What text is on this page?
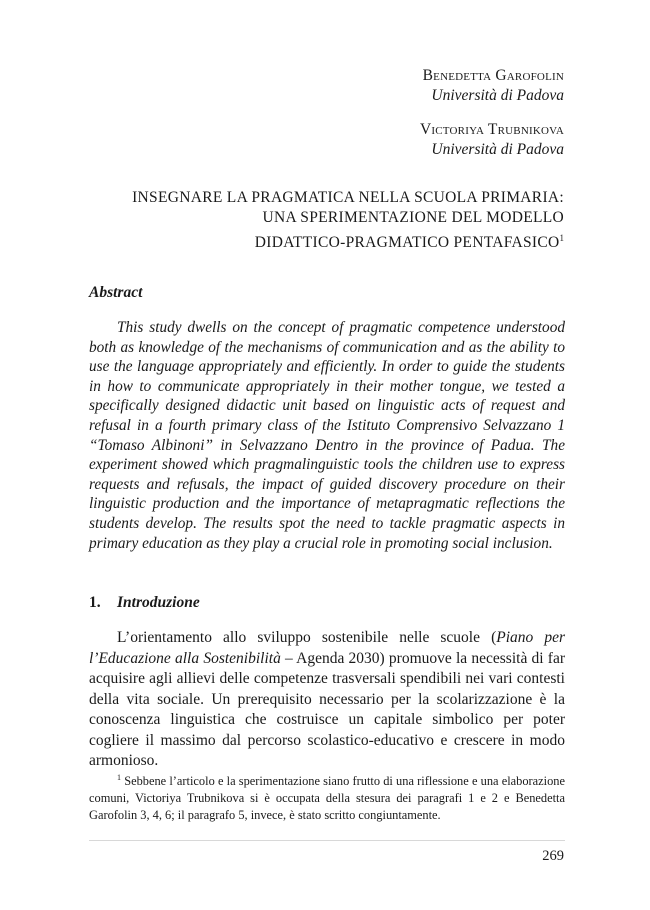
Benedetta Garofolin
Università di Padova
Victoriya Trubnikova
Università di Padova
INSEGNARE LA PRAGMATICA NELLA SCUOLA PRIMARIA:
UNA SPERIMENTAZIONE DEL MODELLO
DIDATTICO-PRAGMATICO PENTAFASICO$^1$
Abstract
This study dwells on the concept of pragmatic competence understood both as knowledge of the mechanisms of communication and as the ability to use the language appropriately and efficiently. In order to guide the students in how to communicate appropriately in their mother tongue, we tested a specifically designed didactic unit based on linguistic acts of request and refusal in a fourth primary class of the Istituto Comprensivo Selvazzano 1 “Tomaso Albinoni” in Selvazzano Dentro in the province of Padua. The experiment showed which pragmalinguistic tools the children use to express requests and refusals, the impact of guided discovery procedure on their linguistic production and the importance of metapragmatic reflections the students develop. The results spot the need to tackle pragmatic aspects in primary education as they play a crucial role in promoting social inclusion.
1. Introduzione
L’orientamento allo sviluppo sostenibile nelle scuole (Piano per l’Educazione alla Sostenibilità – Agenda 2030) promuove la necessità di far acquisire agli allievi delle competenze trasversali spendibili nei vari contesti della vita sociale. Un prerequisito necessario per la scolarizzazione è la conoscenza linguistica che costruisce un capitale simbolico per poter cogliere il massimo dal percorso scolastico-educativo e crescere in modo armonioso.
$^1$ Sebbene l’articolo e la sperimentazione siano frutto di una riflessione e una elaborazione comuni, Victoriya Trubnikova si è occupata della stesura dei paragrafi 1 e 2 e Benedetta Garofolin 3, 4, 6; il paragrafo 5, invece, è stato scritto congiuntamente.
269
